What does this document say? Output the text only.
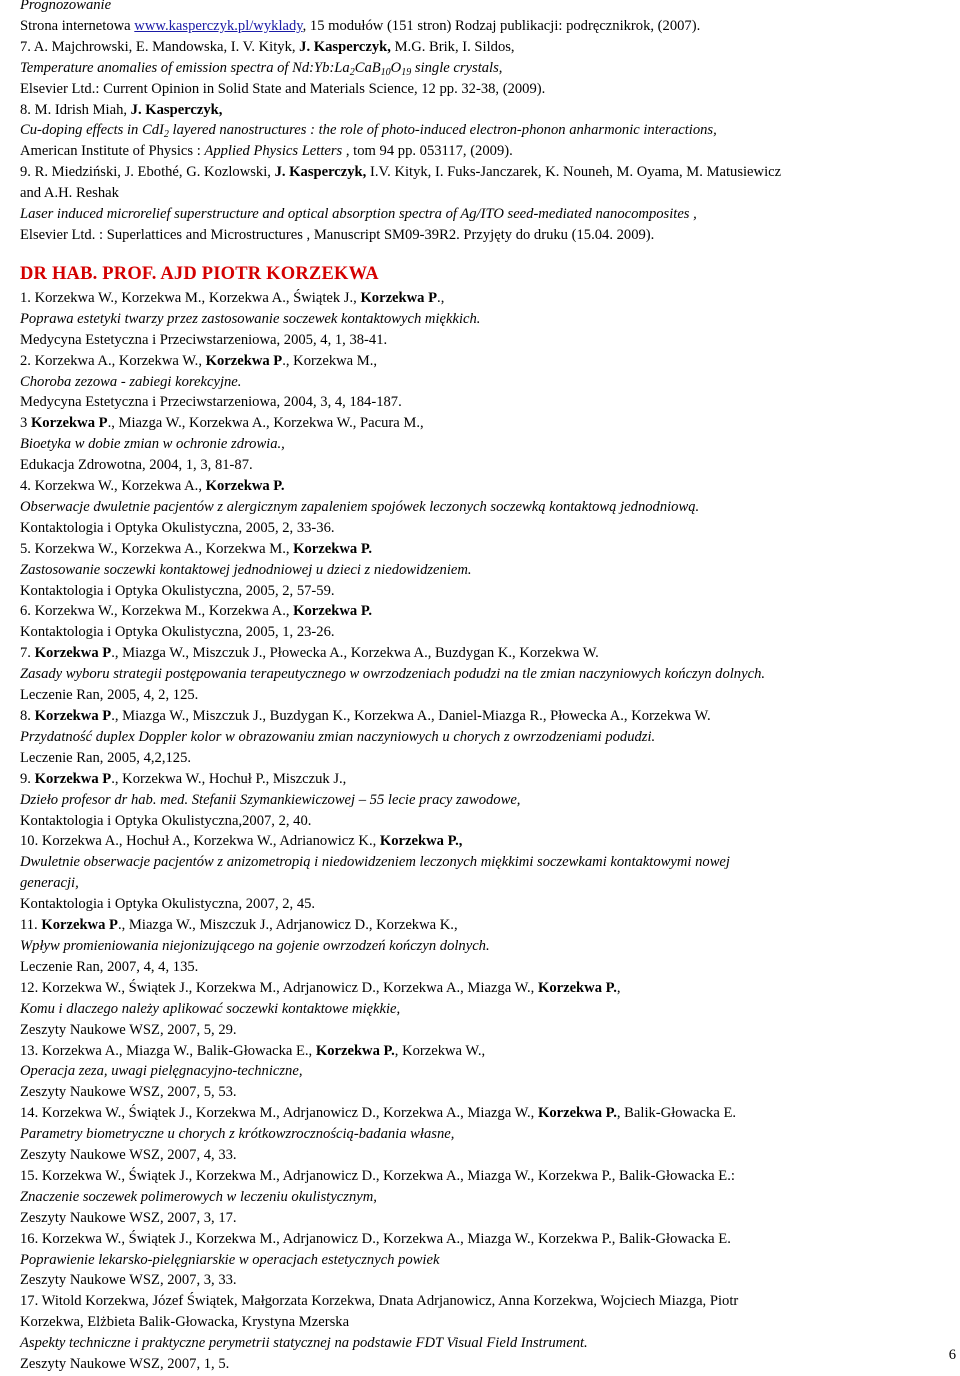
Prognozowanie
Strona internetowa www.kasperczyk.pl/wyklady, 15 modułów (151 stron) Rodzaj publikacji: podręcznikrok, (2007).
7. A. Majchrowski, E. Mandowska, I. V. Kityk, J. Kasperczyk, M.G. Brik, I. Sildos,
Temperature anomalies of emission spectra of $Nd:Yb:La_2CaB_{10}O_{19}$ single crystals,
Elsevier Ltd.: Current Opinion in Solid State and Materials Science, 12 pp. 32-38, (2009).
8. M. Idrish Miah, J. Kasperczyk,
Cu-doping effects in CdI$_2$ layered nanostructures : the role of photo-induced electron-phonon anharmonic interactions,
American Institute of Physics : Applied Physics Letters , tom 94 pp. 053117, (2009).
9. R. Miedziński, J. Ebothé, G. Kozlowski, J. Kasperczyk, I.V. Kityk, I. Fuks-Janczarek, K. Nouneh, M. Oyama, M. Matusiewicz
and A.H. Reshak
Laser induced microrelief superstructure and optical absorption spectra of Ag/ITO seed-mediated nanocomposites ,
Elsevier Ltd. : Superlattices and Microstructures , Manuscript SM09-39R2. Przyjęty do druku (15.04. 2009).
DR HAB. PROF. AJD PIOTR KORZEKWA
1. Korzekwa W., Korzekwa M., Korzekwa A., Świątek J., Korzekwa P.,
Poprawa estetyki twarzy przez zastosowanie soczewek kontaktowych miękkich.
Medycyna Estetyczna i Przeciwstarzeniowa, 2005, 4, 1, 38-41.
2. Korzekwa A., Korzekwa W., Korzekwa P., Korzekwa M.,
Choroba zezowa - zabiegi korekcyjne.
Medycyna Estetyczna i Przeciwstarzeniowa, 2004, 3, 4, 184-187.
3 Korzekwa P., Miazga W., Korzekwa A., Korzekwa W., Pacura M.,
Bioetyka w dobie zmian w ochronie zdrowia.,
Edukacja Zdrowotna, 2004, 1, 3, 81-87.
4. Korzekwa W., Korzekwa A., Korzekwa P.
Obserwacje dwuletnie pacjentów z alergicznym zapaleniem spojówek leczonych soczewką kontaktową jednodniową.
Kontaktologia i Optyka Okulistyczna, 2005, 2, 33-36.
5. Korzekwa W., Korzekwa A., Korzekwa M., Korzekwa P.
Zastosowanie soczewki kontaktowej jednodniowej u dzieci z niedowidzeniem.
Kontaktologia i Optyka Okulistyczna, 2005, 2, 57-59.
6. Korzekwa W., Korzekwa M., Korzekwa A., Korzekwa P.
Kontaktologia i Optyka Okulistyczna, 2005, 1, 23-26.
7. Korzekwa P., Miazga W., Miszczuk J., Płowecka A., Korzekwa A., Buzdygan K., Korzekwa W.
Zasady wyboru strategii postępowania terapeutycznego w owrzodzeniach podudzi na tle zmian naczyniowych kończyn dolnych.
Leczenie Ran, 2005, 4, 2, 125.
8. Korzekwa P., Miazga W., Miszczuk J., Buzdygan K., Korzekwa A., Daniel-Miazga R., Płowecka A., Korzekwa W.
Przydatność duplex Doppler kolor w obrazowaniu zmian naczyniowych u chorych z owrzodzeniami podudzi.
Leczenie Ran, 2005, 4,2,125.
9. Korzekwa P., Korzekwa W., Hochuł P., Miszczuk J.,
Dzieło profesor dr hab. med. Stefanii Szymankiewiczowej – 55 lecie pracy zawodowe,
Kontaktologia i Optyka Okulistyczna,2007, 2, 40.
10. Korzekwa A., Hochuł A., Korzekwa W., Adrianowicz K., Korzekwa P.,
Dwuletnie obserwacje pacjentów z anizometropią i niedowidzeniem leczonych miękkimi soczewkami kontaktowymi nowej
generacji,
Kontaktologia i Optyka Okulistyczna, 2007, 2, 45.
11. Korzekwa P., Miazga W., Miszczuk J., Adrjanowicz D., Korzekwa K.,
Wpływ promieniowania niejonizującego na gojenie owrzodzeń kończyn dolnych.
Leczenie Ran, 2007, 4, 4, 135.
12. Korzekwa W., Świątek J., Korzekwa M., Adrjanowicz D., Korzekwa A., Miazga W., Korzekwa P.,
Komu i dlaczego należy aplikować soczewki kontaktowe miękkie,
Zeszyty Naukowe WSZ, 2007, 5, 29.
13. Korzekwa A., Miazga W., Balik-Głowacka E., Korzekwa P., Korzekwa W.,
Operacja zeza, uwagi pielęgnacyjno-techniczne,
Zeszyty Naukowe WSZ, 2007, 5, 53.
14. Korzekwa W., Świątek J., Korzekwa M., Adrjanowicz D., Korzekwa A., Miazga W., Korzekwa P., Balik-Głowacka E.
Parametry biometryczne u chorych z krótkowzrocznością-badania własne,
Zeszyty Naukowe WSZ, 2007, 4, 33.
15. Korzekwa W., Świątek J., Korzekwa M., Adrjanowicz D., Korzekwa A., Miazga W., Korzekwa P., Balik-Głowacka E.:
Znaczenie soczewek polimerowych w leczeniu okulistycznym,
Zeszyty Naukowe WSZ, 2007, 3, 17.
16. Korzekwa W., Świątek J., Korzekwa M., Adrjanowicz D., Korzekwa A., Miazga W., Korzekwa P., Balik-Głowacka E.
Poprawienie lekarsko-pielęgniarskie w operacjach estetycznych powiek
Zeszyty Naukowe WSZ, 2007, 3, 33.
17. Witold Korzekwa, Józef Świątek, Małgorzata Korzekwa, Dnata Adrjanowicz, Anna Korzekwa, Wojciech Miazga, Piotr
Korzekwa, Elżbieta Balik-Głowacka, Krystyna Mzerska
Aspekty techniczne i praktyczne perymetrii statycznej na podstawie FDT Visual Field Instrument.
Zeszyty Naukowe WSZ, 2007, 1, 5.
6
